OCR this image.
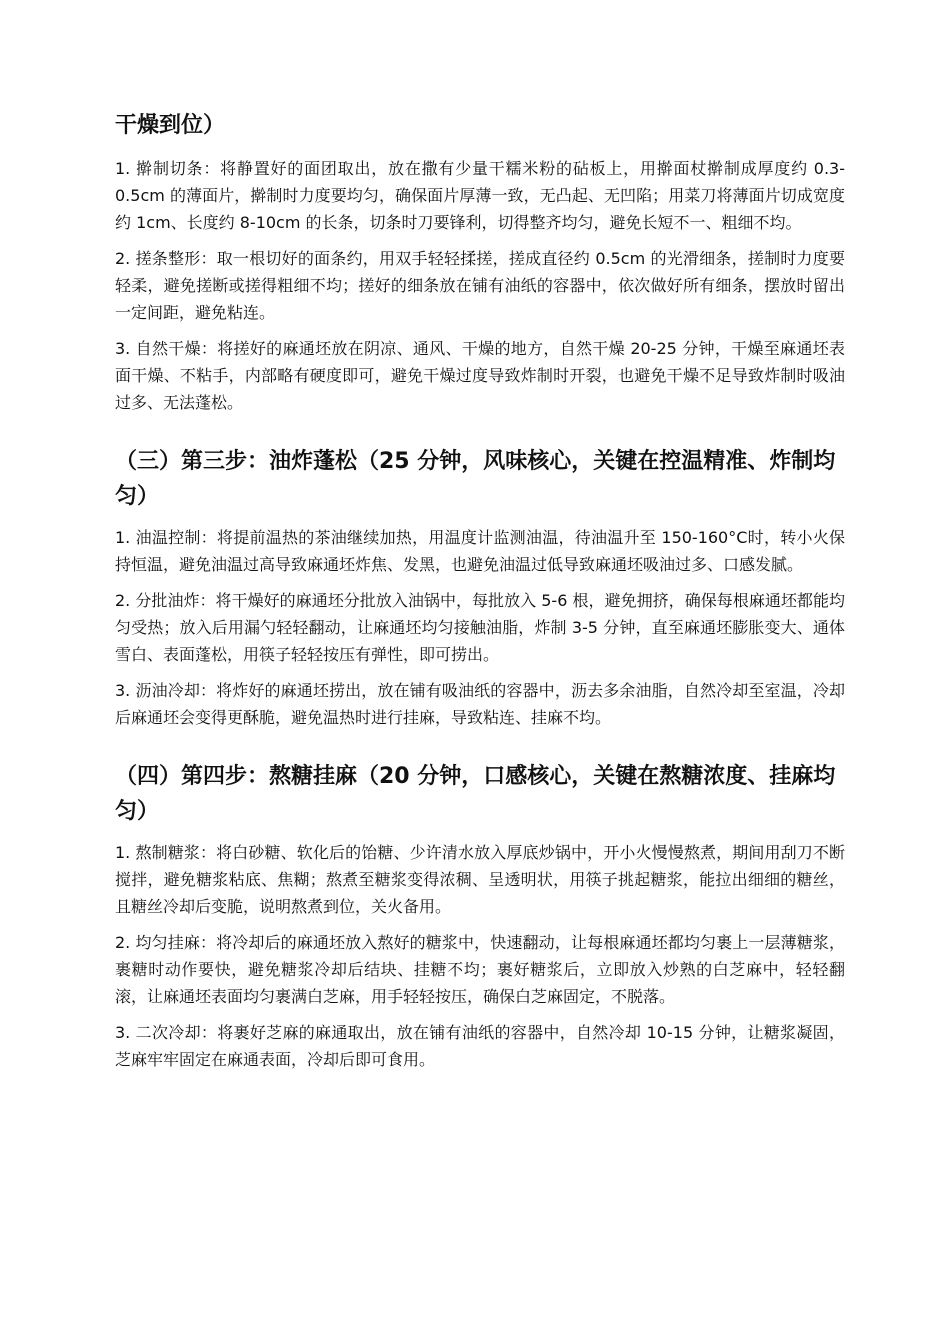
干燥到位）

1. 擀制切条：将静置好的面团取出，放在撒有少量干糯米粉的砧板上，用擀面杖擀制成厚度约 0.3-0.5cm 的薄面片，擀制时力度要均匀，确保面片厚薄一致，无凸起、无凹陷；用菜刀将薄面片切成宽度约 1cm、长度约 8-10cm 的长条，切条时刀要锋利，切得整齐均匀，避免长短不一、粗细不均。

2. 搓条整形：取一根切好的面条约，用双手轻轻揉搓，搓成直径约 0.5cm 的光滑细条，搓制时力度要轻柔，避免搓断或搓得粗细不均；搓好的细条放在铺有油纸的容器中，依次做好所有细条，摆放时留出一定间距，避免粘连。

3. 自然干燥：将搓好的麻通坯放在阴凉、通风、干燥的地方，自然干燥 20-25 分钟，干燥至麻通坯表面干燥、不粘手，内部略有硬度即可，避免干燥过度导致炸制时开裂，也避免干燥不足导致炸制时吸油过多、无法蓬松。

（三）第三步：油炸蓬松（25 分钟，风味核心，关键在控温精准、炸制均匀）

1. 油温控制：将提前温热的茶油继续加热，用温度计监测油温，待油温升至 150-160°C时，转小火保持恒温，避免油温过高导致麻通坯炸焦、发黑，也避免油温过低导致麻通坯吸油过多、口感发腻。

2. 分批油炸：将干燥好的麻通坯分批放入油锅中，每批放入 5-6 根，避免拥挤，确保每根麻通坯都能均匀受热；放入后用漏勺轻轻翻动，让麻通坯均匀接触油脂，炸制 3-5 分钟，直至麻通坯膨胀变大、通体雪白、表面蓬松，用筷子轻轻按压有弹性，即可捞出。

3. 沥油冷却：将炸好的麻通坯捞出，放在铺有吸油纸的容器中，沥去多余油脂，自然冷却至室温，冷却后麻通坯会变得更酥脆，避免温热时进行挂麻，导致粘连、挂麻不均。

（四）第四步：熬糖挂麻（20 分钟，口感核心，关键在熬糖浓度、挂麻均匀）

1. 熬制糖浆：将白砂糖、软化后的饴糖、少许清水放入厚底炒锅中，开小火慢慢熬煮，期间用刮刀不断搅拌，避免糖浆粘底、焦糊；熬煮至糖浆变得浓稠、呈透明状，用筷子挑起糖浆，能拉出细细的糖丝，且糖丝冷却后变脆，说明熬煮到位，关火备用。

2. 均匀挂麻：将冷却后的麻通坯放入熬好的糖浆中，快速翻动，让每根麻通坯都均匀裹上一层薄糖浆，裹糖时动作要快，避免糖浆冷却后结块、挂糖不均；裹好糖浆后，立即放入炒熟的白芝麻中，轻轻翻滚，让麻通坯表面均匀裹满白芝麻，用手轻轻按压，确保白芝麻固定，不脱落。

3. 二次冷却：将裹好芝麻的麻通取出，放在铺有油纸的容器中，自然冷却 10-15 分钟，让糖浆凝固，芝麻牢牢固定在麻通表面，冷却后即可食用。
